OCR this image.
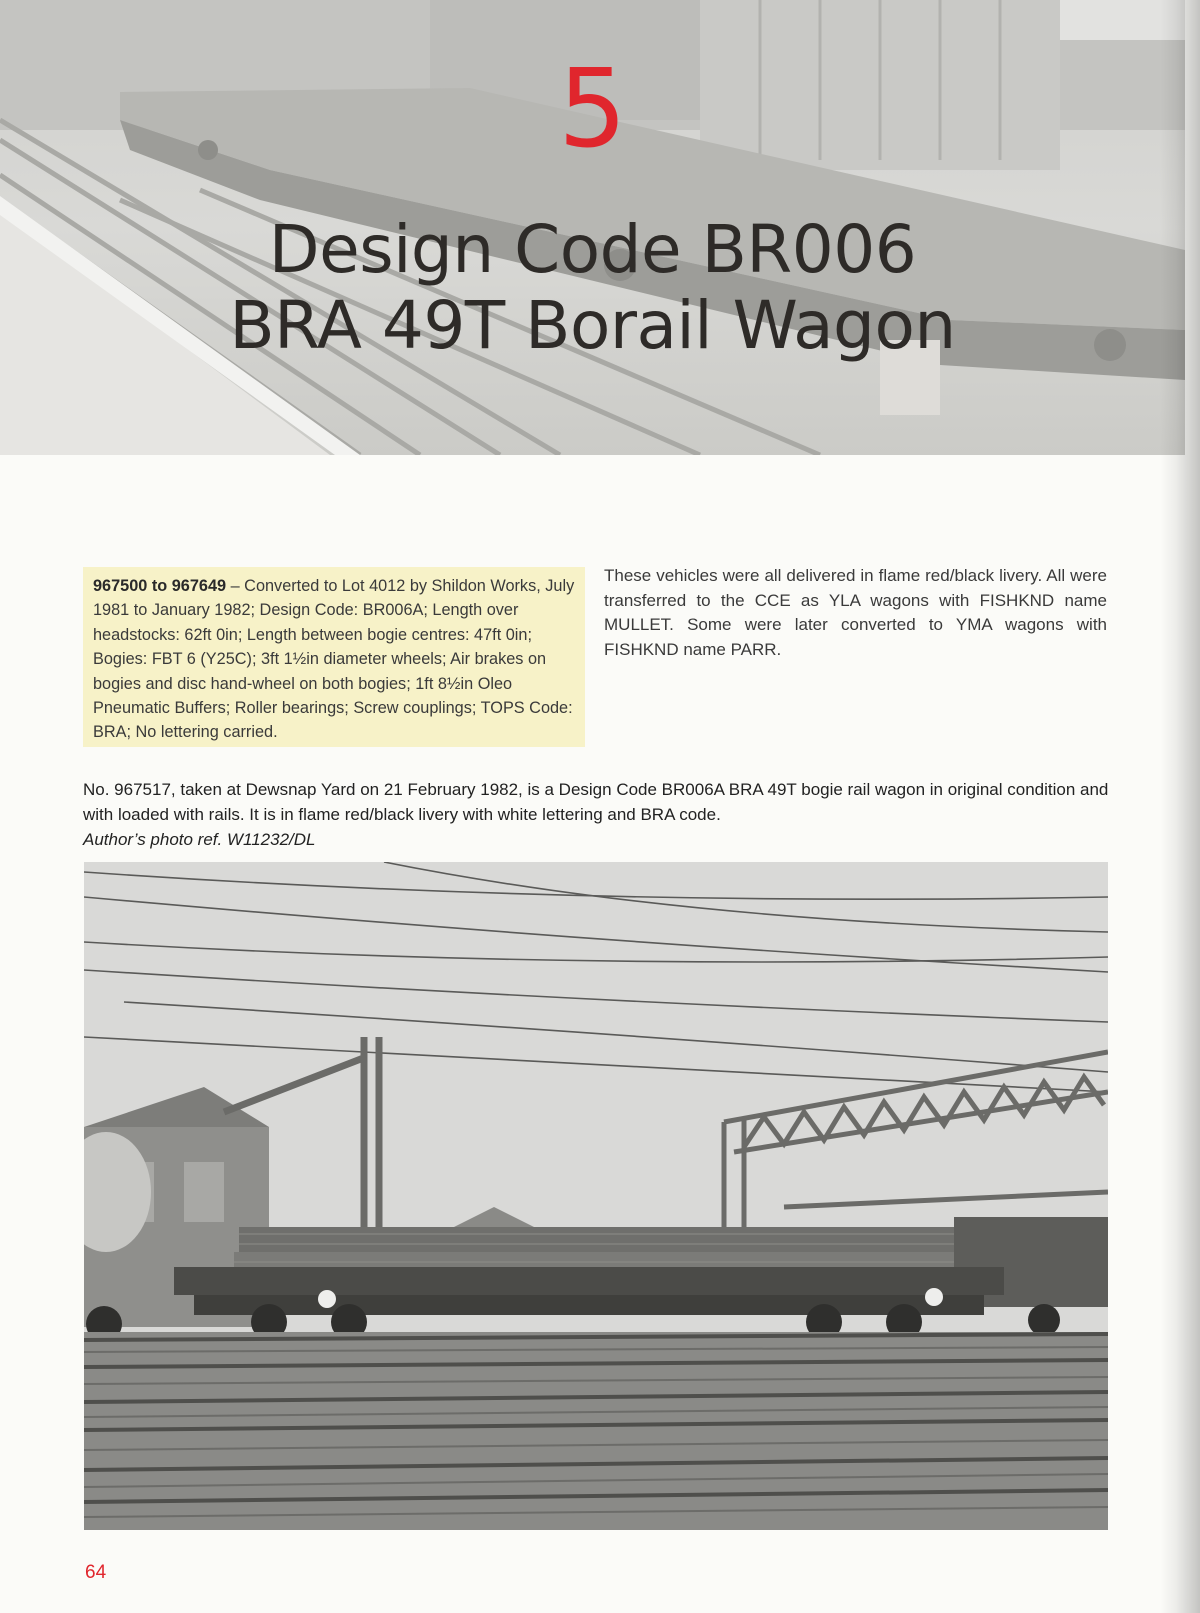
5
Design Code BR006
BRA 49T Borail Wagon
967500 to 967649 – Converted to Lot 4012 by Shildon Works, July 1981 to January 1982; Design Code: BR006A; Length over headstocks: 62ft 0in; Length between bogie centres: 47ft 0in; Bogies: FBT 6 (Y25C); 3ft 1½in diameter wheels; Air brakes on bogies and disc hand-wheel on both bogies; 1ft 8½in Oleo Pneumatic Buffers; Roller bearings; Screw couplings; TOPS Code: BRA; No lettering carried.
These vehicles were all delivered in flame red/black livery. All were transferred to the CCE as YLA wagons with FISHKND name MULLET. Some were later converted to YMA wagons with FISHKND name PARR.
No. 967517, taken at Dewsnap Yard on 21 February 1982, is a Design Code BR006A BRA 49T bogie rail wagon in original condition and with loaded with rails. It is in flame red/black livery with white lettering and BRA code.
Author’s photo ref. W11232/DL
64
